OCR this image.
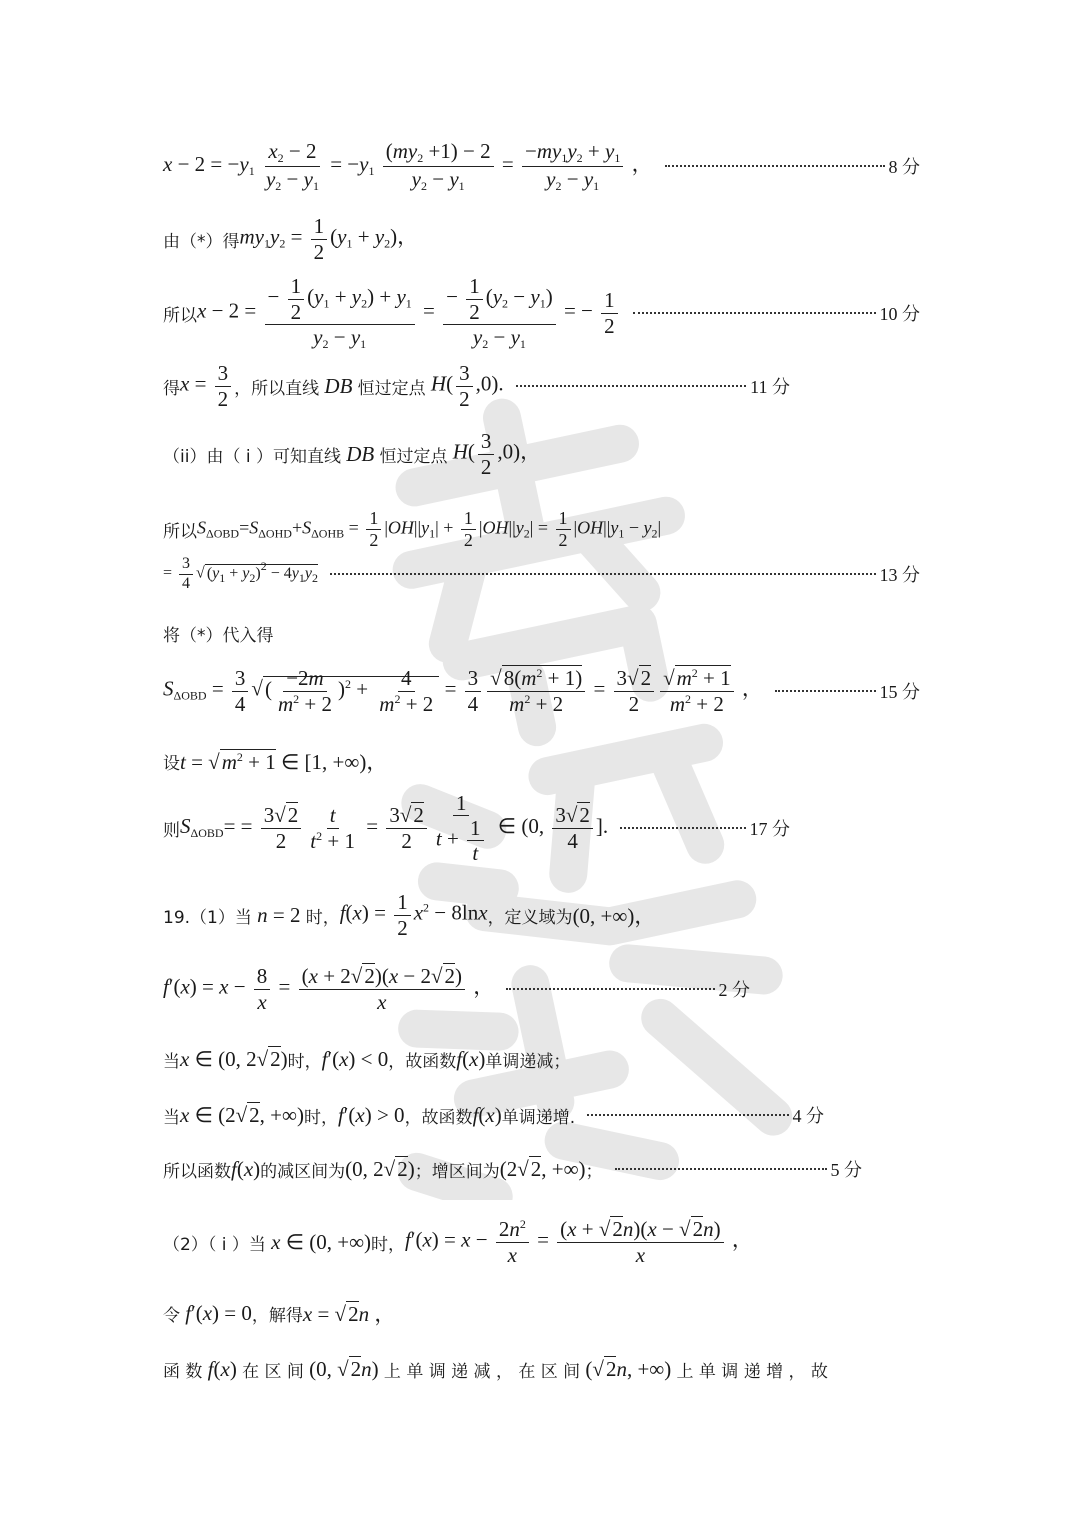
$x - 2 = -y_1 \frac{x_2 - 2}{y_2 - y_1} = -y_1 \frac{(my_2 +1) - 2}{y_2 - y_1} = \frac{-my_1y_2 + y_1}{y_2 - y_1}$ ，	8 分
由（*）得 $my_1y_2 = \frac{1}{2} (y_1 + y_2)$，
所以 $x - 2 = \frac{- \frac{1}{2} (y_1 + y_2) + y_1}{y_2 - y_1} = \frac{- \frac{1}{2} (y_2 - y_1)}{y_2 - y_1}$ = − $\frac{1}{2}$	10 分
得 $x = \frac{3}{2}$ ，所以直线 DB 恒过定点 $H( \frac{3}{2} ,0)$.	11 分
（ii）由（ i ）可知直线 DB 恒过定点 $H( \frac{3}{2} ,0)$，
所以 $S_{\Delta OBD}=S_{\Delta OHD}+S_{\Delta OHB} = \frac{1}{2} |OH||y_1| + \frac{1}{2} |OH||y_2| = \frac{1}{2} |OH||y_1 - y_2|$
= $\frac{3}{4}$ √ $(y_1 + y_2)^2 - 4y_1y_2$	13 分
将（*）代入得
$S_{\Delta OBD} = \frac{3}{4}$ √( $\frac{-2m}{m^2 + 2} )^2 + \frac{4}{m^2 + 2} = \frac{3}{4} \frac{√8(m^2 + 1)}{m^2 + 2} = \frac{3√2}{2} \frac{√m^2 + 1}{m^2 + 2}$ ，	15 分
设 $t = √m^2 + 1$ ∈ [1, +∞)，
则 $S_{\Delta OBD}= = \frac{3√2}{2} \frac{t}{t^2 + 1} = \frac{3√2}{2} \frac{1}{t + \frac{1}{t}}$ ∈ (0, $\frac{3√2}{4}$ ].	17 分
19.（1）当 n = 2 时， $f(x) = \frac{1}{2} x^2 - 8\ln x$ ，定义域为 (0, +∞)，
$f'(x) = x - \frac{8}{x} = \frac{(x + 2√2)(x - 2√2)}{x}$ ，	2 分
当 x ∈ (0, 2√2) 时， f′(x) < 0 ，故函数 f(x) 单调递减；
当 x ∈ (2√2, +∞) 时， f′(x) > 0 ，故函数 f(x) 单调递增.	4 分
所以函数 f(x) 的减区间为 (0, 2√2) ；增区间为 (2√2, +∞) ；	5 分
（2）（ i ）当 x ∈ (0, +∞) 时， $f'(x) = x - \frac{2n^2}{x} = \frac{(x + √2n)(x - √2n)}{x}$ ，
令 f′(x) = 0 ，解得 x = √2n ，
函 数 f(x) 在 区 间 (0, √2n) 上 单 调 递 减 ， 在 区 间 (√2n, +∞) 上 单 调 递 增 ， 故
